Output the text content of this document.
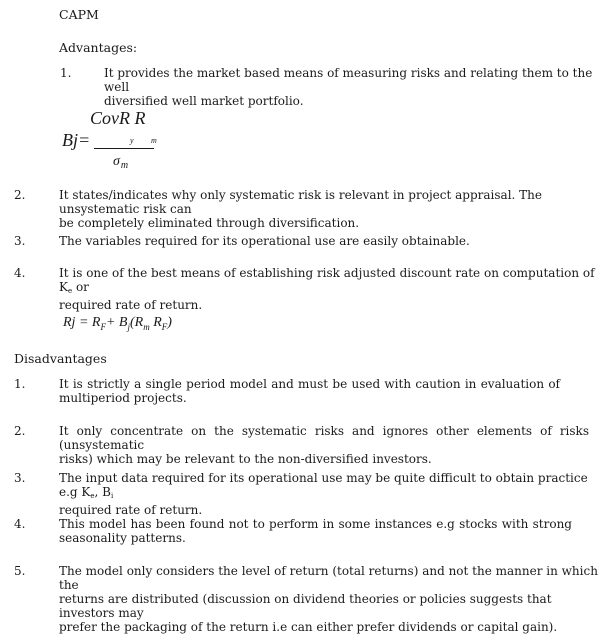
CAPM
Advantages:
1.	It provides the market based means of measuring risks and relating them to the well
diversified well market portfolio.
CovR R
Bj=	y m
$\sigma_m$
2.	It states/indicates why only systematic risk is relevant in project appraisal. The unsystematic risk can
be completely eliminated through diversification.
3.	The variables required for its operational use are easily obtainable.
4.	It is one of the best means of establishing risk adjusted discount rate on computation of Ke or
required rate of return.
$Rj = R_F+ B_j(R_m$ $R_F$)
Disadvantages
1.	It is strictly a single period model and must be used with caution in evaluation of
multiperiod projects.
2.	It only concentrate on the systematic risks and ignores other elements of risks (unsystematic
risks) which may be relevant to the non-diversified investors.
3.	The input data required for its operational use may be quite difficult to obtain practice e.g Ke, Bi
required rate of return.
4.	This model has been found not to perform in some instances e.g stocks with strong
seasonality patterns.
5.	The model only considers the level of return (total returns) and not the manner in which the
returns are distributed (discussion on dividend theories or policies suggests that investors may
prefer the packaging of the return i.e can either prefer dividends or capital gain).
